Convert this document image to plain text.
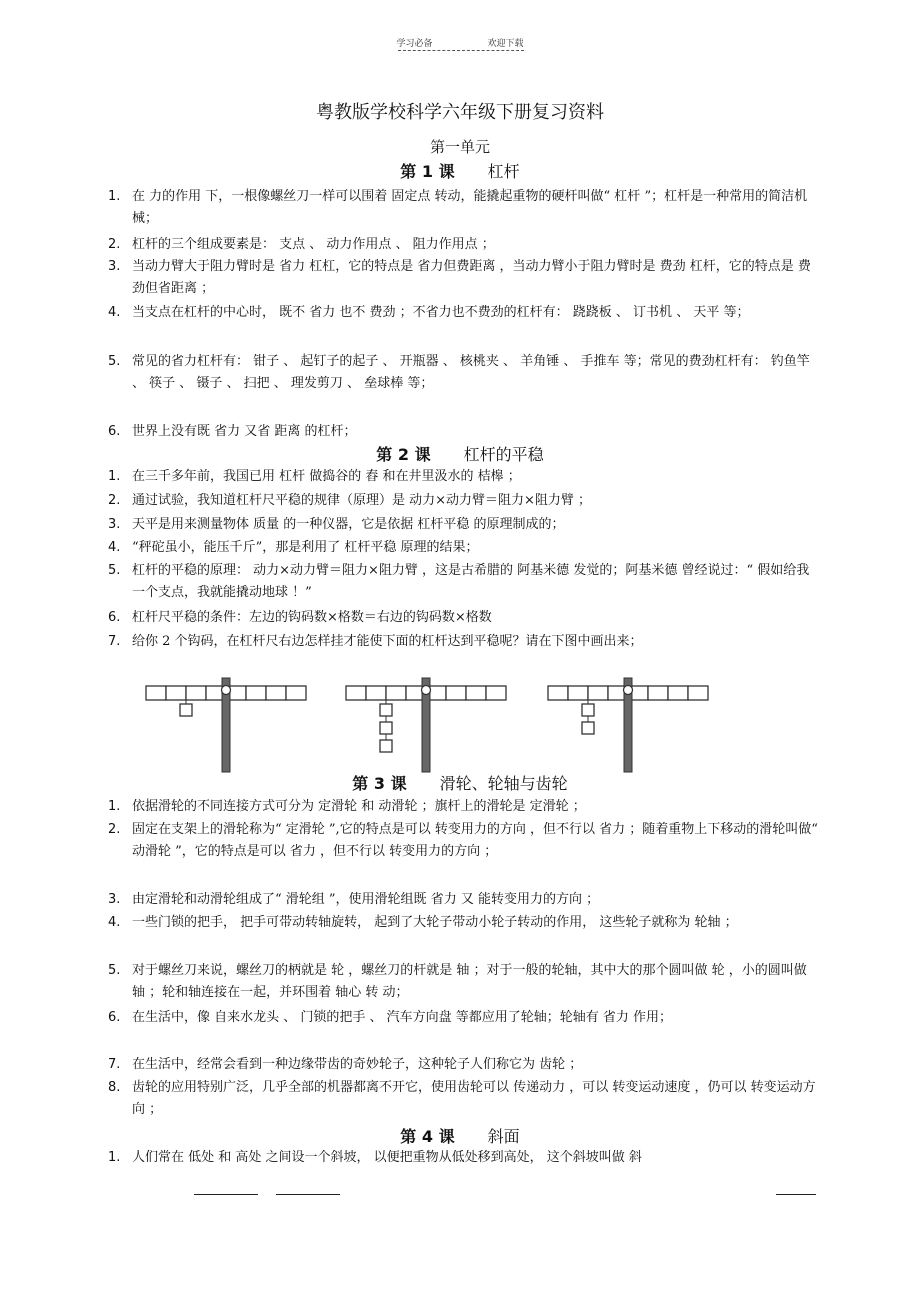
学习必备	欢迎下载
粤教版学校科学六年级下册复习资料
第一单元
第 1 课 杠杆
1. 在 力的作用 下，一根像螺丝刀一样可以围着 固定点 转动，能撬起重物的硬杆叫做“ 杠杆 ”；杠杆是一种常用的简洁机械；
2. 杠杆的三个组成要素是： 支点 、 动力作用点 、 阻力作用点 ；
3. 当动力臂大于阻力臂时是 省力 杠杠，它的特点是 省力但费距离 ，当动力臂小于阻力臂时是 费劲 杠杆，它的特点是 费劲但省距离 ；
4. 当支点在杠杆的中心时， 既不 省力 也不 费劲 ；不省力也不费劲的杠杆有： 跷跷板 、 订书机 、 天平 等；
5. 常见的省力杠杆有： 钳子 、 起钉子的起子 、 开瓶器 、 核桃夹 、 羊角锤 、 手推车 等；常见的费劲杠杆有： 钓鱼竿 、 筷子 、 镊子 、 扫把 、 理发剪刀 、 垒球棒 等；
6. 世界上没有既 省力 又省 距离 的杠杆；
第 2 课 杠杆的平稳
1. 在三千多年前，我国已用 杠杆 做捣谷的 舂 和在井里汲水的 桔槔 ；
2. 通过试验，我知道杠杆尺平稳的规律（原理）是 动力×动力臂＝阻力×阻力臂 ；
3. 天平是用来测量物体 质量 的一种仪器，它是依据 杠杆平稳 的原理制成的；
4. “秤砣虽小，能压千斤”，那是利用了 杠杆平稳 原理的结果；
5. 杠杆的平稳的原理： 动力×动力臂＝阻力×阻力臂 ，这是古希腊的 阿基米德 发觉的；阿基米德 曾经说过：“ 假如给我一个支点，我就能撬动地球 ！”
6. 杠杆尺平稳的条件：左边的钩码数×格数＝右边的钩码数×格数
7. 给你 2 个钩码，在杠杆尺右边怎样挂才能使下面的杠杆达到平稳呢？请在下图中画出来；
第 3 课 滑轮、轮轴与齿轮
1. 依据滑轮的不同连接方式可分为 定滑轮 和 动滑轮 ；旗杆上的滑轮是 定滑轮 ；
2. 固定在支架上的滑轮称为“ 定滑轮 ”,它的特点是可以 转变用力的方向 ，但不行以 省力 ；随着重物上下移动的滑轮叫做“ 动滑轮 ”，它的特点是可以 省力 ，但不行以 转变用力的方向 ；
3. 由定滑轮和动滑轮组成了“ 滑轮组 ”，使用滑轮组既 省力 又 能转变用力的方向 ；
4. 一些门锁的把手， 把手可带动转轴旋转， 起到了大轮子带动小轮子转动的作用， 这些轮子就称为 轮轴 ；
5. 对于螺丝刀来说，螺丝刀的柄就是 轮 ，螺丝刀的杆就是 轴 ；对于一般的轮轴，其中大的那个圆叫做 轮 ，小的圆叫做 轴 ；轮和轴连接在一起，并环围着 轴心 转 动；
6. 在生活中，像 自来水龙头 、 门锁的把手 、 汽车方向盘 等都应用了轮轴；轮轴有 省力 作用；
7. 在生活中，经常会看到一种边缘带齿的奇妙轮子，这种轮子人们称它为 齿轮 ；
8. 齿轮的应用特别广泛，几乎全部的机器都离不开它，使用齿轮可以 传递动力 ，可以 转变运动速度 ，仍可以 转变运动方向 ；
第 4 课 斜面
1. 人们常在 低处 和 高处 之间设一个斜坡， 以便把重物从低处移到高处， 这个斜坡叫做 斜
